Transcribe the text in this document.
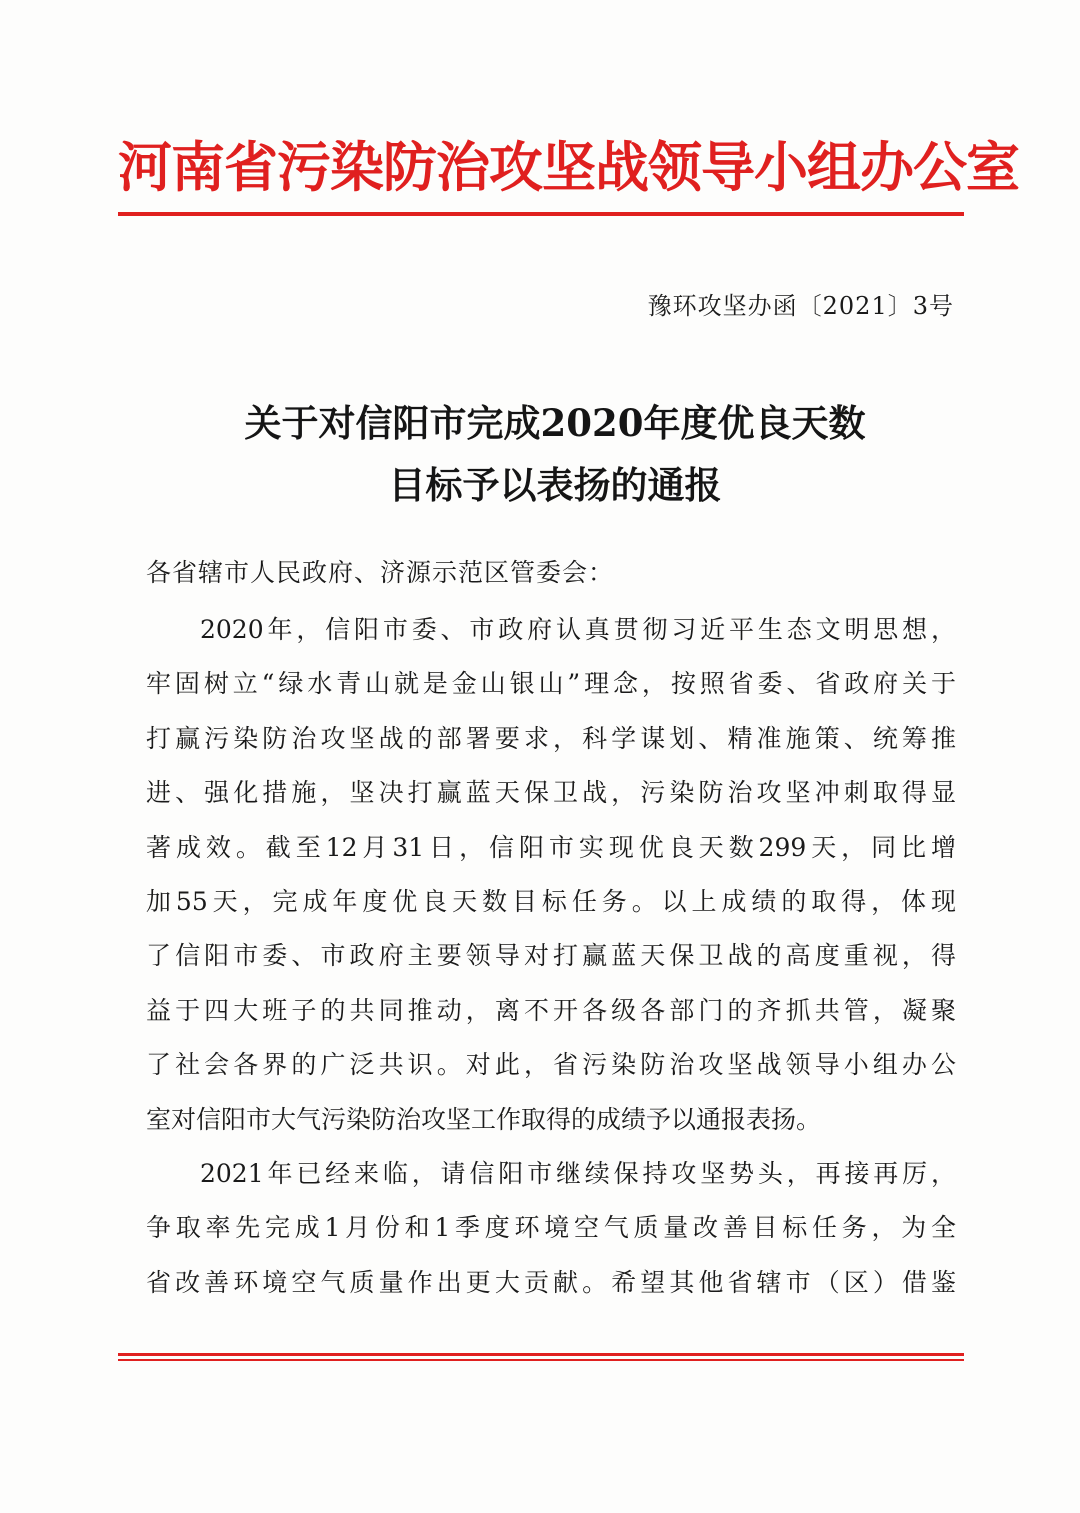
河南省污染防治攻坚战领导小组办公室
豫环攻坚办函〔2021〕3号
关于对信阳市完成2020年度优良天数
目标予以表扬的通报
各省辖市人民政府、济源示范区管委会：
2020年，信阳市委、市政府认真贯彻习近平生态文明思想，
牢固树立“绿水青山就是金山银山”理念，按照省委、省政府关于
打赢污染防治攻坚战的部署要求，科学谋划、精准施策、统筹推
进、强化措施，坚决打赢蓝天保卫战，污染防治攻坚冲刺取得显
著成效。截至12月31日，信阳市实现优良天数299天，同比增
加55天，完成年度优良天数目标任务。以上成绩的取得，体现
了信阳市委、市政府主要领导对打赢蓝天保卫战的高度重视，得
益于四大班子的共同推动，离不开各级各部门的齐抓共管，凝聚
了社会各界的广泛共识。对此，省污染防治攻坚战领导小组办公
室对信阳市大气污染防治攻坚工作取得的成绩予以通报表扬。
2021年已经来临，请信阳市继续保持攻坚势头，再接再厉，
争取率先完成1月份和1季度环境空气质量改善目标任务，为全
省改善环境空气质量作出更大贡献。希望其他省辖市（区）借鉴
